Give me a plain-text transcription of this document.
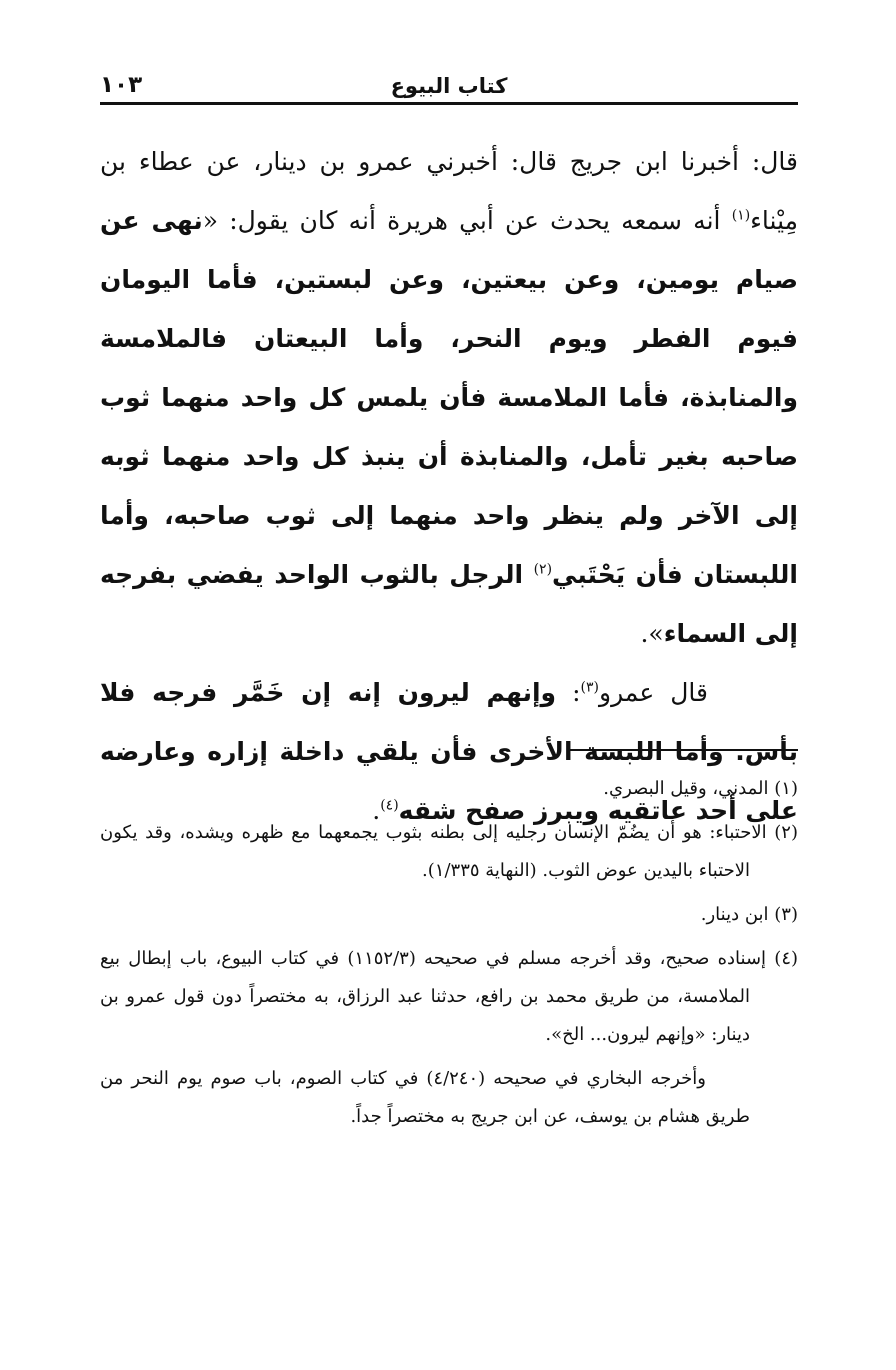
كتاب البيوع
١٠٣

قال: أخبرنا ابن جريج قال: أخبرني عمرو بن دينار، عن عطاء بن مِيْناء$^{(١)}$ أنه سمعه يحدث عن أبي هريرة أنه كان يقول: «نهى عن صيام يومين، وعن بيعتين، وعن لبستين، فأما اليومان فيوم الفطر ويوم النحر، وأما البيعتان فالملامسة والمنابذة، فأما الملامسة فأن يلمس كل واحد منهما ثوب صاحبه بغير تأمل، والمنابذة أن ينبذ كل واحد منهما ثوبه إلى الآخر ولم ينظر واحد منهما إلى ثوب صاحبه، وأما اللبستان فأن يَحْتَبي$^{(٢)}$ الرجل بالثوب الواحد يفضي بفرجه إلى السماء».

قال عمرو$^{(٣)}$: وإنهم ليرون إنه إن خَمَّر فرجه فلا بأس. وأما اللبسة الأخرى فأن يلقي داخلة إزاره وعارضه على أحد عاتقيه ويبرز صفح شقه$^{(٤)}$.

(١) المدني، وقيل البصري.

(٢) الاحتباء: هو أن يضُمّ الإنسان رجليه إلى بطنه بثوب يجمعهما مع ظهره ويشده، وقد يكون الاحتباء باليدين عوض الثوب. (النهاية ١/٣٣٥).

(٣) ابن دينار.

(٤) إسناده صحيح، وقد أخرجه مسلم في صحيحه (١١٥٢/٣) في كتاب البيوع، باب إبطال بيع الملامسة، من طريق محمد بن رافع، حدثنا عبد الرزاق، به مختصراً دون قول عمرو بن دينار: «وإنهم ليرون... الخ».

وأخرجه البخاري في صحيحه (٤/٢٤٠) في كتاب الصوم، باب صوم يوم النحر من طريق هشام بن يوسف، عن ابن جريج به مختصراً جداً.
